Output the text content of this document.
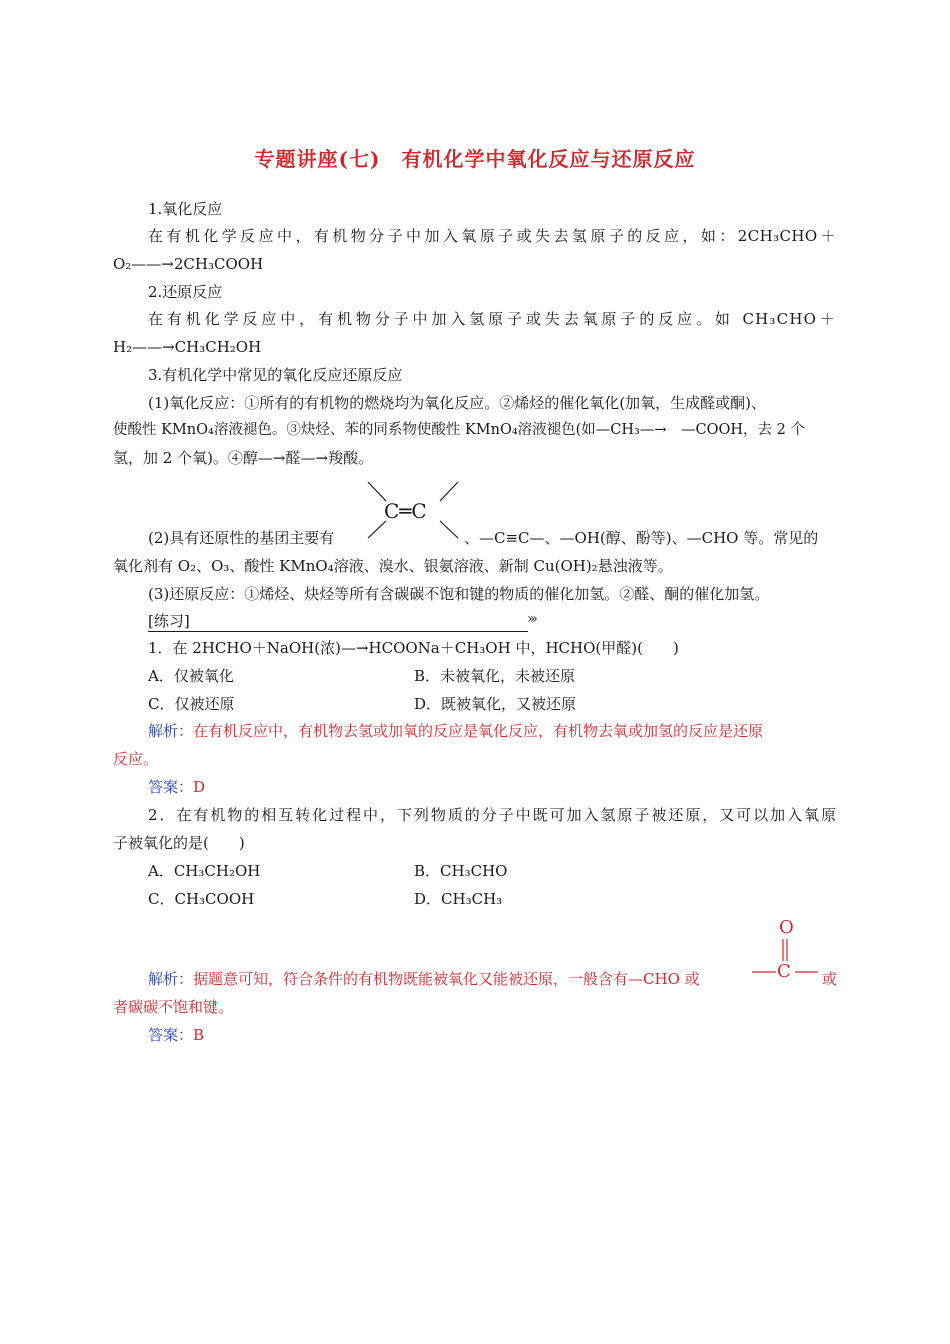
专题讲座(七)　有机化学中氧化反应与还原反应
1.氧化反应
在有机化学反应中，有机物分子中加入氧原子或失去氢原子的反应，如：2CH₃CHO＋
O₂——→2CH₃COOH
2.还原反应
在有机化学反应中，有机物分子中加入氢原子或失去氧原子的反应。如 CH₃CHO＋
H₂——→CH₃CH₂OH
3.有机化学中常见的氧化反应还原反应
(1)氧化反应：①所有的有机物的燃烧均为氧化反应。②烯烃的催化氧化(加氧，生成醛或酮)、
使酸性 KMnO₄溶液褪色。③炔烃、苯的同系物使酸性 KMnO₄溶液褪色(如—CH₃—→　—COOH，去 2 个
氢，加 2 个氧)。④醇—→醛—→羧酸。
C═C
(2)具有还原性的基团主要有	、—C≡C—、—OH(醇、酚等)、—CHO 等。常见的
氧化剂有 O₂、O₃、酸性 KMnO₄溶液、溴水、银氨溶液、新制 Cu(OH)₂悬浊液等。
(3)还原反应：①烯烃、炔烃等所有含碳碳不饱和键的物质的催化加氢。②醛、酮的催化加氢。
[练习]	›››
1．在 2HCHO＋NaOH(浓)—→HCOONa＋CH₃OH 中，HCHO(甲醛)(　　)
A．仅被氧化	B．未被氧化，未被还原
C．仅被还原	D．既被氧化，又被还原
解析：在有机反应中，有机物去氢或加氧的反应是氧化反应，有机物去氧或加氢的反应是还原
反应。
答案：D
2．在有机物的相互转化过程中，下列物质的分子中既可加入氢原子被还原，又可以加入氧原
子被氧化的是(　　)
A．CH₃CH₂OH	B．CH₃CHO
C．CH₃COOH	D．CH₃CH₃
解析：据题意可知，符合条件的有机物既能被氧化又能被还原，一般含有—CHO 或
O
C 或
者碳碳不饱和键。
答案：B
